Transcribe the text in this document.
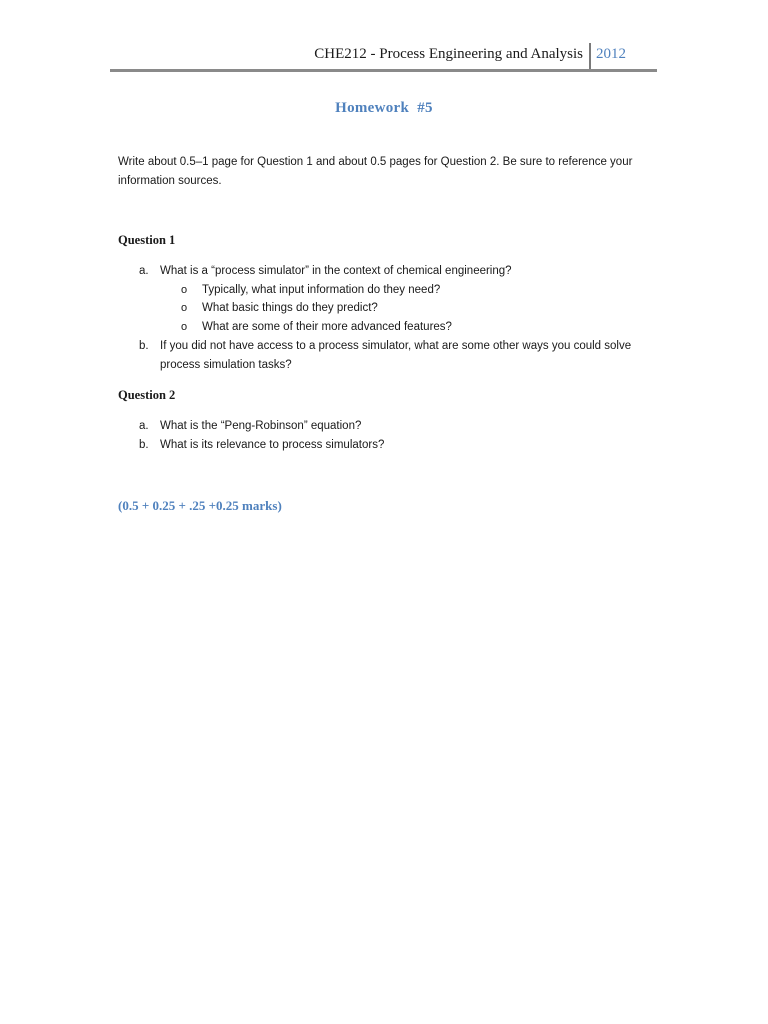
CHE212 - Process Engineering and Analysis 2012
Homework  #5
Write about 0.5–1 page for Question 1 and about 0.5 pages for Question 2. Be sure to reference your information sources.
Question 1
a. What is a “process simulator” in the context of chemical engineering?
o Typically, what input information do they need?
o What basic things do they predict?
o What are some of their more advanced features?
b. If you did not have access to a process simulator, what are some other ways you could solve
process simulation tasks?
Question 2
a. What is the “Peng-Robinson” equation?
b. What is its relevance to process simulators?
(0.5 + 0.25 + .25 +0.25 marks)
